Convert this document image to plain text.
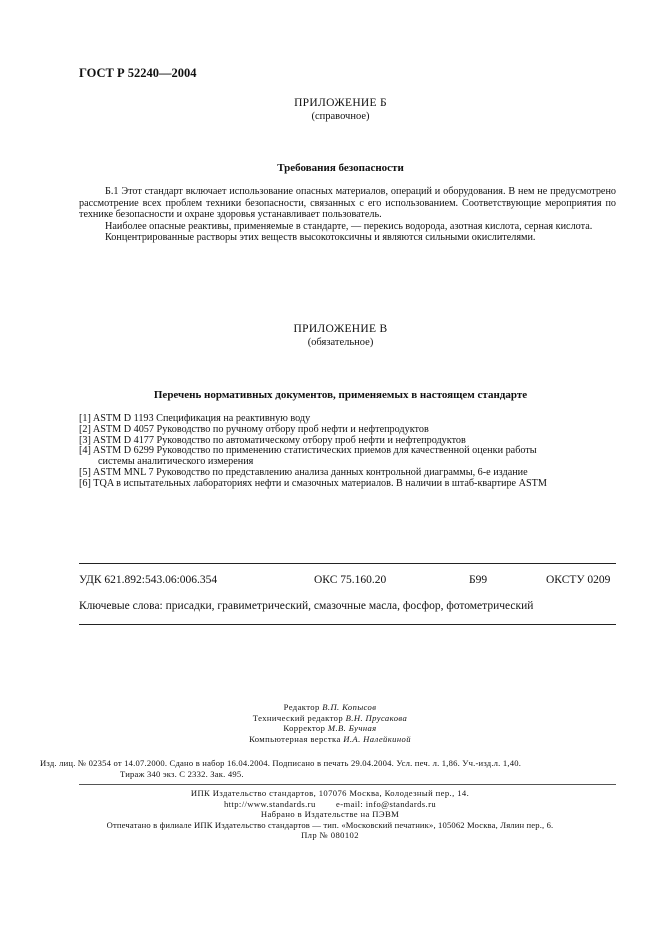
ГОСТ Р 52240—2004
ПРИЛОЖЕНИЕ Б
(справочное)
Требования безопасности

Б.1 Этот стандарт включает использование опасных материалов, операций и оборудования. В нем не предусмотрено рассмотрение всех проблем техники безопасности, связанных с его использованием. Соответствующие мероприятия по технике безопасности и охране здоровья устанавливает пользователь.

Наиболее опасные реактивы, применяемые в стандарте, — перекись водорода, азотная кислота, серная кислота.

Концентрированные растворы этих веществ высокотоксичны и являются сильными окислителями.

ПРИЛОЖЕНИЕ В
(обязательное)
Перечень нормативных документов, применяемых в настоящем стандарте
[1] ASTM D 1193 Спецификация на реактивную воду
[2] ASTM D 4057 Руководство по ручному отбору проб нефти и нефтепродуктов
[3] ASTM D 4177 Руководство по автоматическому отбору проб нефти и нефтепродуктов
[4] ASTM D 6299 Руководство по применению статистических приемов для качественной оценки работы
системы аналитического измерения
[5] ASTM MNL 7 Руководство по представлению анализа данных контрольной диаграммы, 6-е издание
[6] TQA в испытательных лабораториях нефти и смазочных материалов. В наличии в штаб-квартире ASTM
УДК 621.892:543.06:006.354	ОКС 75.160.20	Б99	ОКСТУ 0209
Ключевые слова: присадки, гравиметрический, смазочные масла, фосфор, фотометрический
Редактор В.П. Копысов
Технический редактор В.Н. Прусакова
Корректор М.В. Бучная
Компьютерная верстка И.А. Налейкиной
Изд. лиц. № 02354 от 14.07.2000. Сдано в набор 16.04.2004. Подписано в печать 29.04.2004. Усл. печ. л. 1,86. Уч.-изд.л. 1,40.
Тираж 340 экз. С 2332. Зак. 495.
ИПК Издательство стандартов, 107076 Москва, Колодезный пер., 14.
http://www.standards.ru e-mail: info@standards.ru
Набрано в Издательстве на ПЭВМ
Отпечатано в филиале ИПК Издательство стандартов — тип. «Московский печатник», 105062 Москва, Лялин пер., 6.
Плр № 080102
